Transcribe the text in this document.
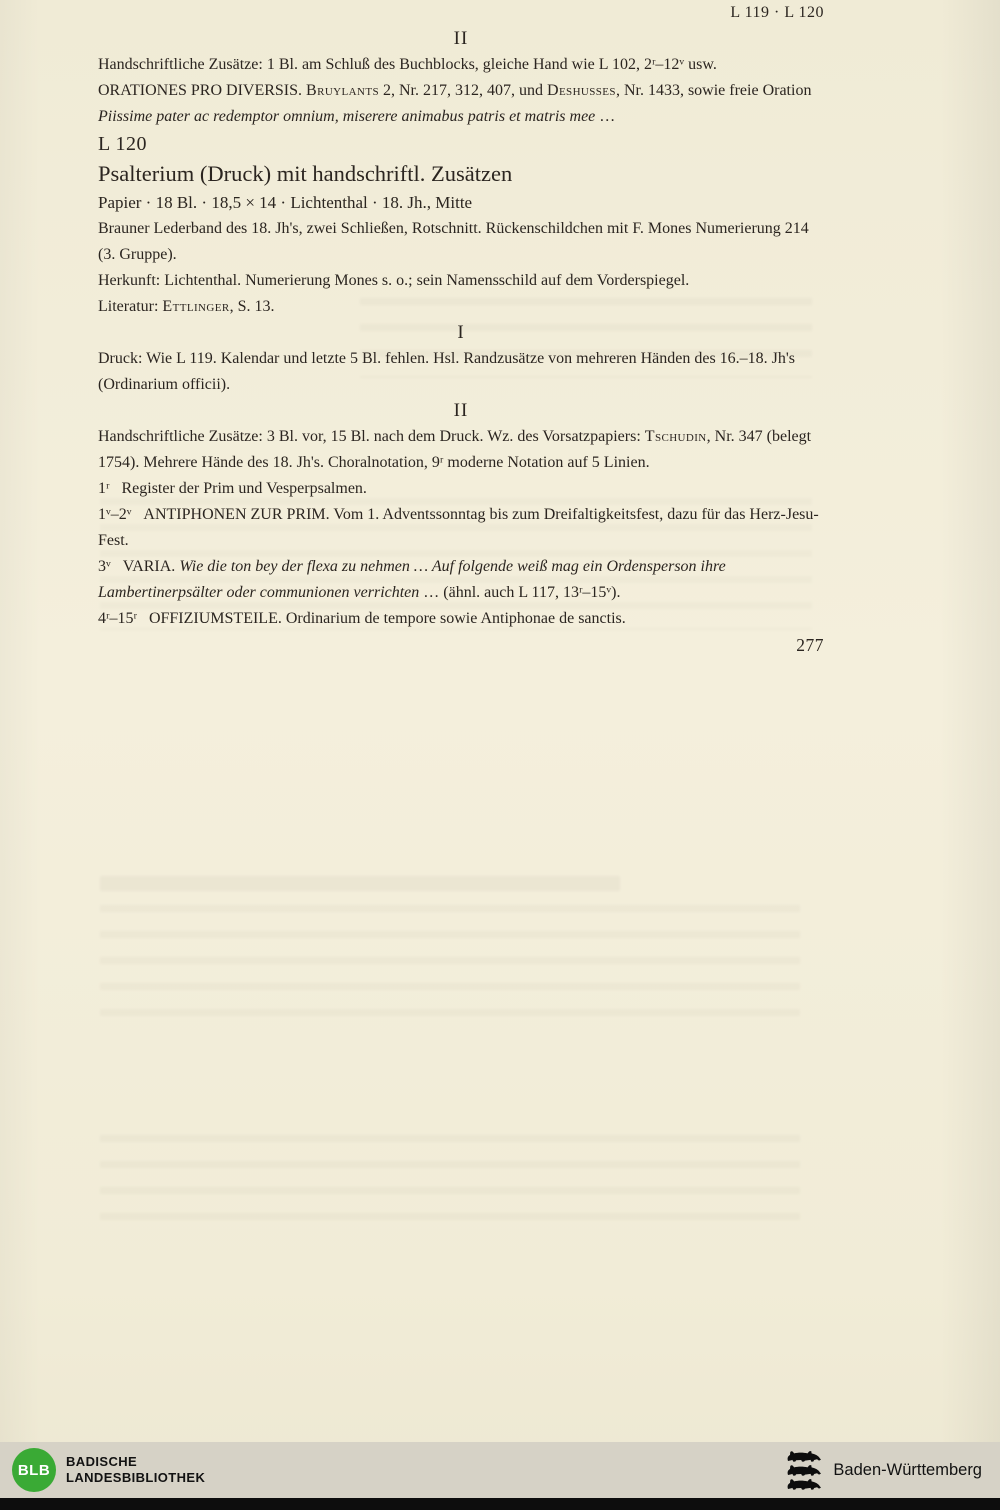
L 119 · L 120
II
Handschriftliche Zusätze: 1 Bl. am Schluß des Buchblocks, gleiche Hand wie L 102, 2ʳ–12ᵛ usw.
ORATIONES PRO DIVERSIS. Bruylants 2, Nr. 217, 312, 407, und Deshusses, Nr. 1433, sowie freie Oration Piissime pater ac redemptor omnium, miserere animabus patris et matris mee …
L 120
Psalterium (Druck) mit handschriftl. Zusätzen
Papier · 18 Bl. · 18,5 × 14 · Lichtenthal · 18. Jh., Mitte
Brauner Lederband des 18. Jh's, zwei Schließen, Rotschnitt. Rückenschildchen mit F. Mones Numerierung 214 (3. Gruppe).
Herkunft: Lichtenthal. Numerierung Mones s. o.; sein Namensschild auf dem Vorderspiegel.
Literatur: Ettlinger, S. 13.
I
Druck: Wie L 119. Kalendar und letzte 5 Bl. fehlen. Hsl. Randzusätze von mehreren Händen des 16.–18. Jh's (Ordinarium officii).
II
Handschriftliche Zusätze: 3 Bl. vor, 15 Bl. nach dem Druck. Wz. des Vorsatzpapiers: Tschudin, Nr. 347 (belegt 1754). Mehrere Hände des 18. Jh's. Choralnotation, 9ʳ moderne Notation auf 5 Linien.
1ʳ Register der Prim und Vesperpsalmen.
1ᵛ–2ᵛ ANTIPHONEN ZUR PRIM. Vom 1. Adventssonntag bis zum Dreifaltigkeitsfest, dazu für das Herz-Jesu-Fest.
3ᵛ VARIA. Wie die ton bey der flexa zu nehmen … Auf folgende weiß mag ein Ordensperson ihre Lambertinerpsälter oder communionen verrichten … (ähnl. auch L 117, 13ʳ–15ᵛ).
4ʳ–15ʳ OFFIZIUMSTEILE. Ordinarium de tempore sowie Antiphonae de sanctis.
277
BLB BADISCHE
LANDESBIBLIOTHEK	Baden-Württemberg
